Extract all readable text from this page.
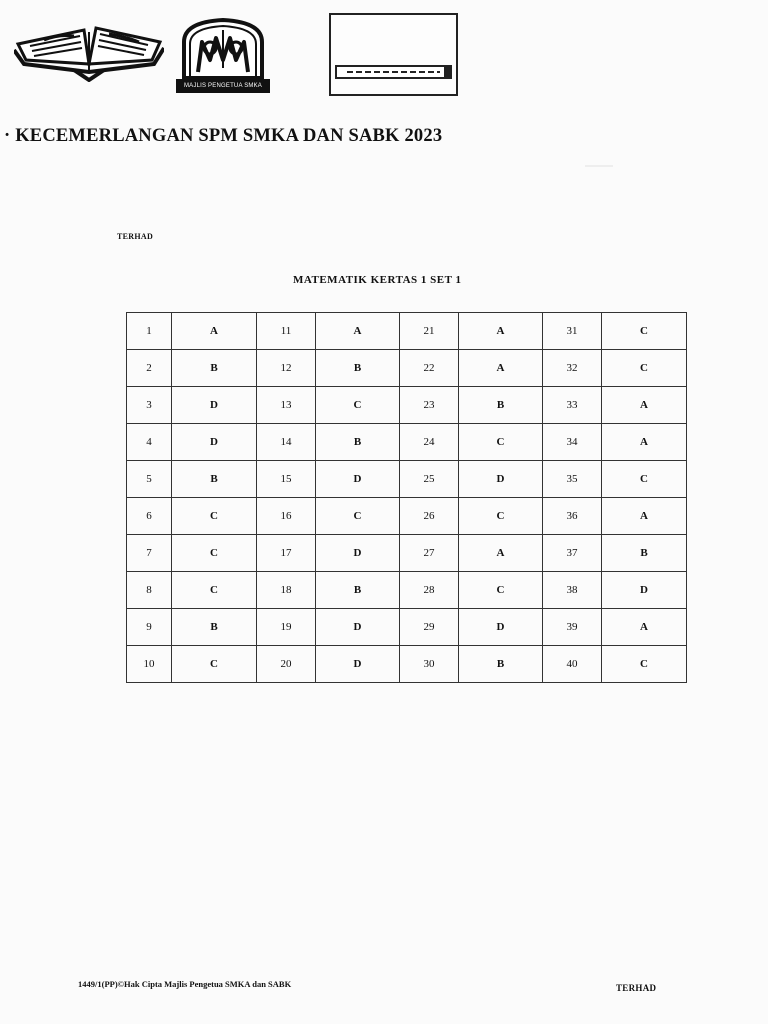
MAJLIS PENGETUA SMKA
· KECEMERLANGAN SPM SMKA DAN SABK 2023
TERHAD
MATEMATIK KERTAS 1 SET 1
1	A	11	A	21	A	31	C
2	B	12	B	22	A	32	C
3	D	13	C	23	B	33	A
4	D	14	B	24	C	34	A
5	B	15	D	25	D	35	C
6	C	16	C	26	C	36	A
7	C	17	D	27	A	37	B
8	C	18	B	28	C	38	D
9	B	19	D	29	D	39	A
10	C	20	D	30	B	40	C
1449/1(PP)©Hak Cipta Majlis Pengetua SMKA dan SABK	TERHAD
